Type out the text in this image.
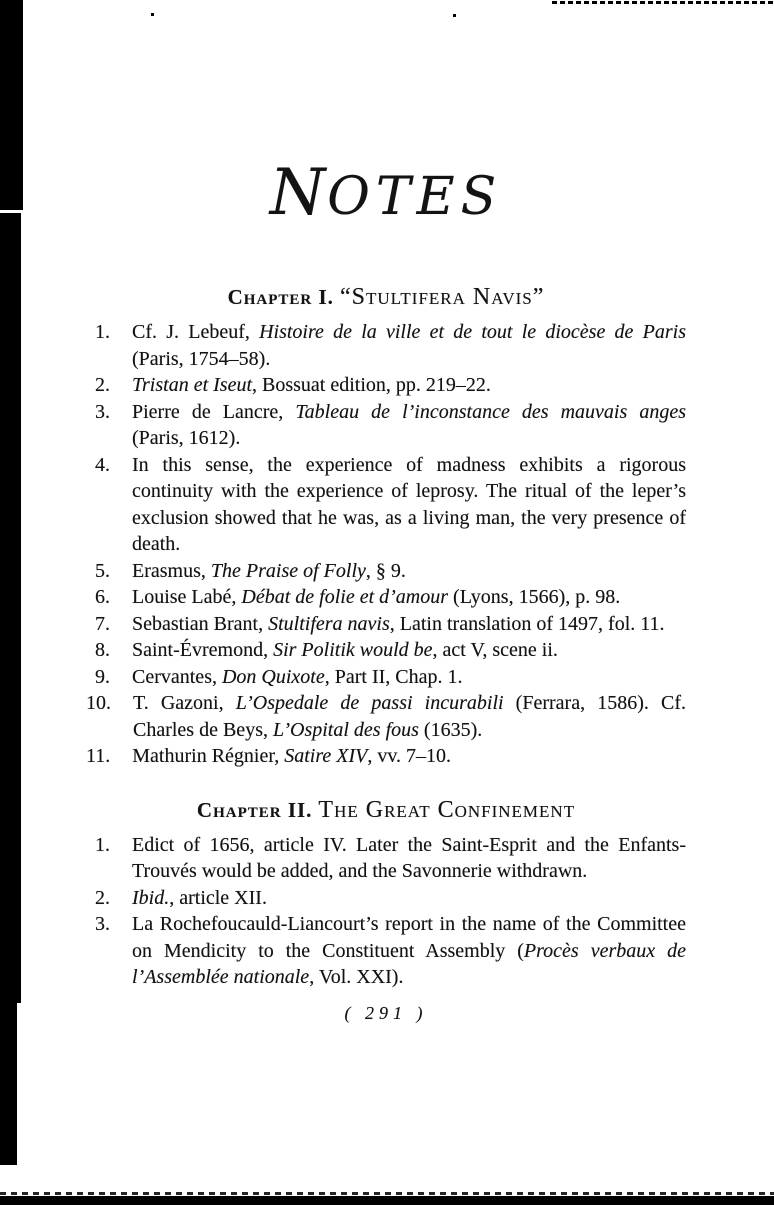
NOTES
Chapter I. “Stultifera Navis”
1.	Cf. J. Lebeuf, Histoire de la ville et de tout le diocèse de Paris (Paris, 1754–58).
2.	Tristan et Iseut, Bossuat edition, pp. 219–22.
3.	Pierre de Lancre, Tableau de l’inconstance des mauvais anges (Paris, 1612).
4.	In this sense, the experience of madness exhibits a rigorous continuity with the experience of leprosy. The ritual of the leper’s exclusion showed that he was, as a living man, the very presence of death.
5.	Erasmus, The Praise of Folly, § 9.
6.	Louise Labé, Débat de folie et d’amour (Lyons, 1566), p. 98.
7.	Sebastian Brant, Stultifera navis, Latin translation of 1497, fol. 11.
8.	Saint-Évremond, Sir Politik would be, act V, scene ii.
9.	Cervantes, Don Quixote, Part II, Chap. 1.
10.	T. Gazoni, L’Ospedale de passi incurabili (Ferrara, 1586). Cf. Charles de Beys, L’Ospital des fous (1635).
11.	Mathurin Régnier, Satire XIV, vv. 7–10.
Chapter II. The Great Confinement
1.	Edict of 1656, article IV. Later the Saint-Esprit and the Enfants-Trouvés would be added, and the Savonnerie withdrawn.
2.	Ibid., article XII.
3.	La Rochefoucauld-Liancourt’s report in the name of the Committee on Mendicity to the Constituent Assembly (Procès verbaux de l’Assemblée nationale, Vol. XXI).
( 291 )
